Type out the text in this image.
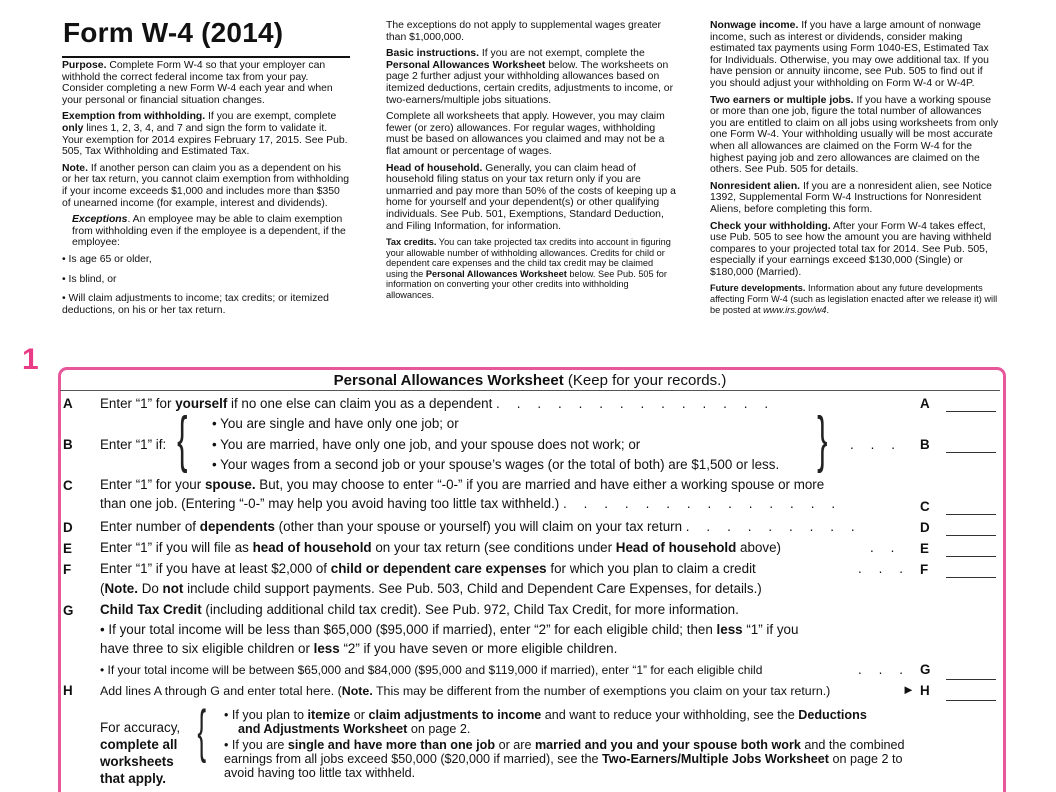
Form W-4 (2014)

Purpose. Complete Form W-4 so that your employer can withhold the correct federal income tax from your pay. Consider completing a new Form W-4 each year and when your personal or financial situation changes.

Exemption from withholding. If you are exempt, complete only lines 1, 2, 3, 4, and 7 and sign the form to validate it. Your exemption for 2014 expires February 17, 2015. See Pub. 505, Tax Withholding and Estimated Tax.

Note. If another person can claim you as a dependent on his or her tax return, you cannot claim exemption from withholding if your income exceeds $1,000 and includes more than $350 of unearned income (for example, interest and dividends).

Exceptions. An employee may be able to claim exemption from withholding even if the employee is a dependent, if the employee:

• Is age 65 or older,

• Is blind, or

• Will claim adjustments to income; tax credits; or itemized deductions, on his or her tax return.

The exceptions do not apply to supplemental wages greater than $1,000,000.

Basic instructions. If you are not exempt, complete the Personal Allowances Worksheet below. The worksheets on page 2 further adjust your withholding allowances based on itemized deductions, certain credits, adjustments to income, or two-earners/multiple jobs situations.

Complete all worksheets that apply. However, you may claim fewer (or zero) allowances. For regular wages, withholding must be based on allowances you claimed and may not be a flat amount or percentage of wages.

Head of household. Generally, you can claim head of household filing status on your tax return only if you are unmarried and pay more than 50% of the costs of keeping up a home for yourself and your dependent(s) or other qualifying individuals. See Pub. 501, Exemptions, Standard Deduction, and Filing Information, for information.

Tax credits. You can take projected tax credits into account in figuring your allowable number of withholding allowances. Credits for child or dependent care expenses and the child tax credit may be claimed using the Personal Allowances Worksheet below. See Pub. 505 for information on converting your other credits into withholding allowances.

Nonwage income. If you have a large amount of nonwage income, such as interest or dividends, consider making estimated tax payments using Form 1040-ES, Estimated Tax for Individuals. Otherwise, you may owe additional tax. If you have pension or annuity iincome, see Pub. 505 to find out if you should adjust your withholding on Form W-4 or W-4P.

Two earners or multiple jobs. If you have a working spouse or more than one job, figure the total number of allowances you are entitled to claim on all jobs using worksheets from only one Form W-4. Your withholding usually will be most accurate when all allowances are claimed on the Form W-4 for the highest paying job and zero allowances are claimed on the others. See Pub. 505 for details.

Nonresident alien. If you are a nonresident alien, see Notice 1392, Supplemental Form W-4 Instructions for Nonresident Aliens, before completing this form.

Check your withholding. After your Form W-4 takes effect, use Pub. 505 to see how the amount you are having withheld compares to your projected total tax for 2014. See Pub. 505, especially if your earnings exceed $130,000 (Single) or $180,000 (Married).

Future developments. Information about any future developments affecting Form W-4 (such as legislation enacted after we release it) will be posted at www.irs.gov/w4.

1
Personal Allowances Worksheet (Keep for your records.)
A Enter “1” for yourself if no one else can claim you as a dependent . . . . . . . . . . . . . .	A
B Enter “1” if: { • You are single and have only one job; or
• You are married, have only one job, and your spouse does not work; or
• Your wages from a second job or your spouse’s wages (or the total of both) are $1,500 or less. } . . . B
C Enter “1” for your spouse. But, you may choose to enter “-0-” if you are married and have either a working spouse or more
than one job. (Entering “-0-” may help you avoid having too little tax withheld.) . . . . . . . . . . . . . .	C
D Enter number of dependents (other than your spouse or yourself) you will claim on your tax return . . . . . . . . .	D
E Enter “1” if you will file as head of household on your tax return (see conditions under Head of household above)	. . E
F Enter “1” if you have at least $2,000 of child or dependent care expenses for which you plan to claim a credit	. . . F
(Note. Do not include child support payments. See Pub. 503, Child and Dependent Care Expenses, for details.)
G Child Tax Credit (including additional child tax credit). See Pub. 972, Child Tax Credit, for more information.
• If your total income will be less than $65,000 ($95,000 if married), enter “2” for each eligible child; then less “1” if you
have three to six eligible children or less “2” if you have seven or more eligible children.
• If your total income will be between $65,000 and $84,000 ($95,000 and $119,000 if married), enter “1” for each eligible child	. . . G
H Add lines A through G and enter total here. (Note. This may be different from the number of exemptions you claim on your tax return.)	► H
For accuracy,
complete all
worksheets
that apply.
{ • If you plan to itemize or claim adjustments to income and want to reduce your withholding, see the Deductions
and Adjustments Worksheet on page 2.
• If you are single and have more than one job or are married and you and your spouse both work and the combined
earnings from all jobs exceed $50,000 ($20,000 if married), see the Two-Earners/Multiple Jobs Worksheet on page 2 to
avoid having too little tax withheld.
